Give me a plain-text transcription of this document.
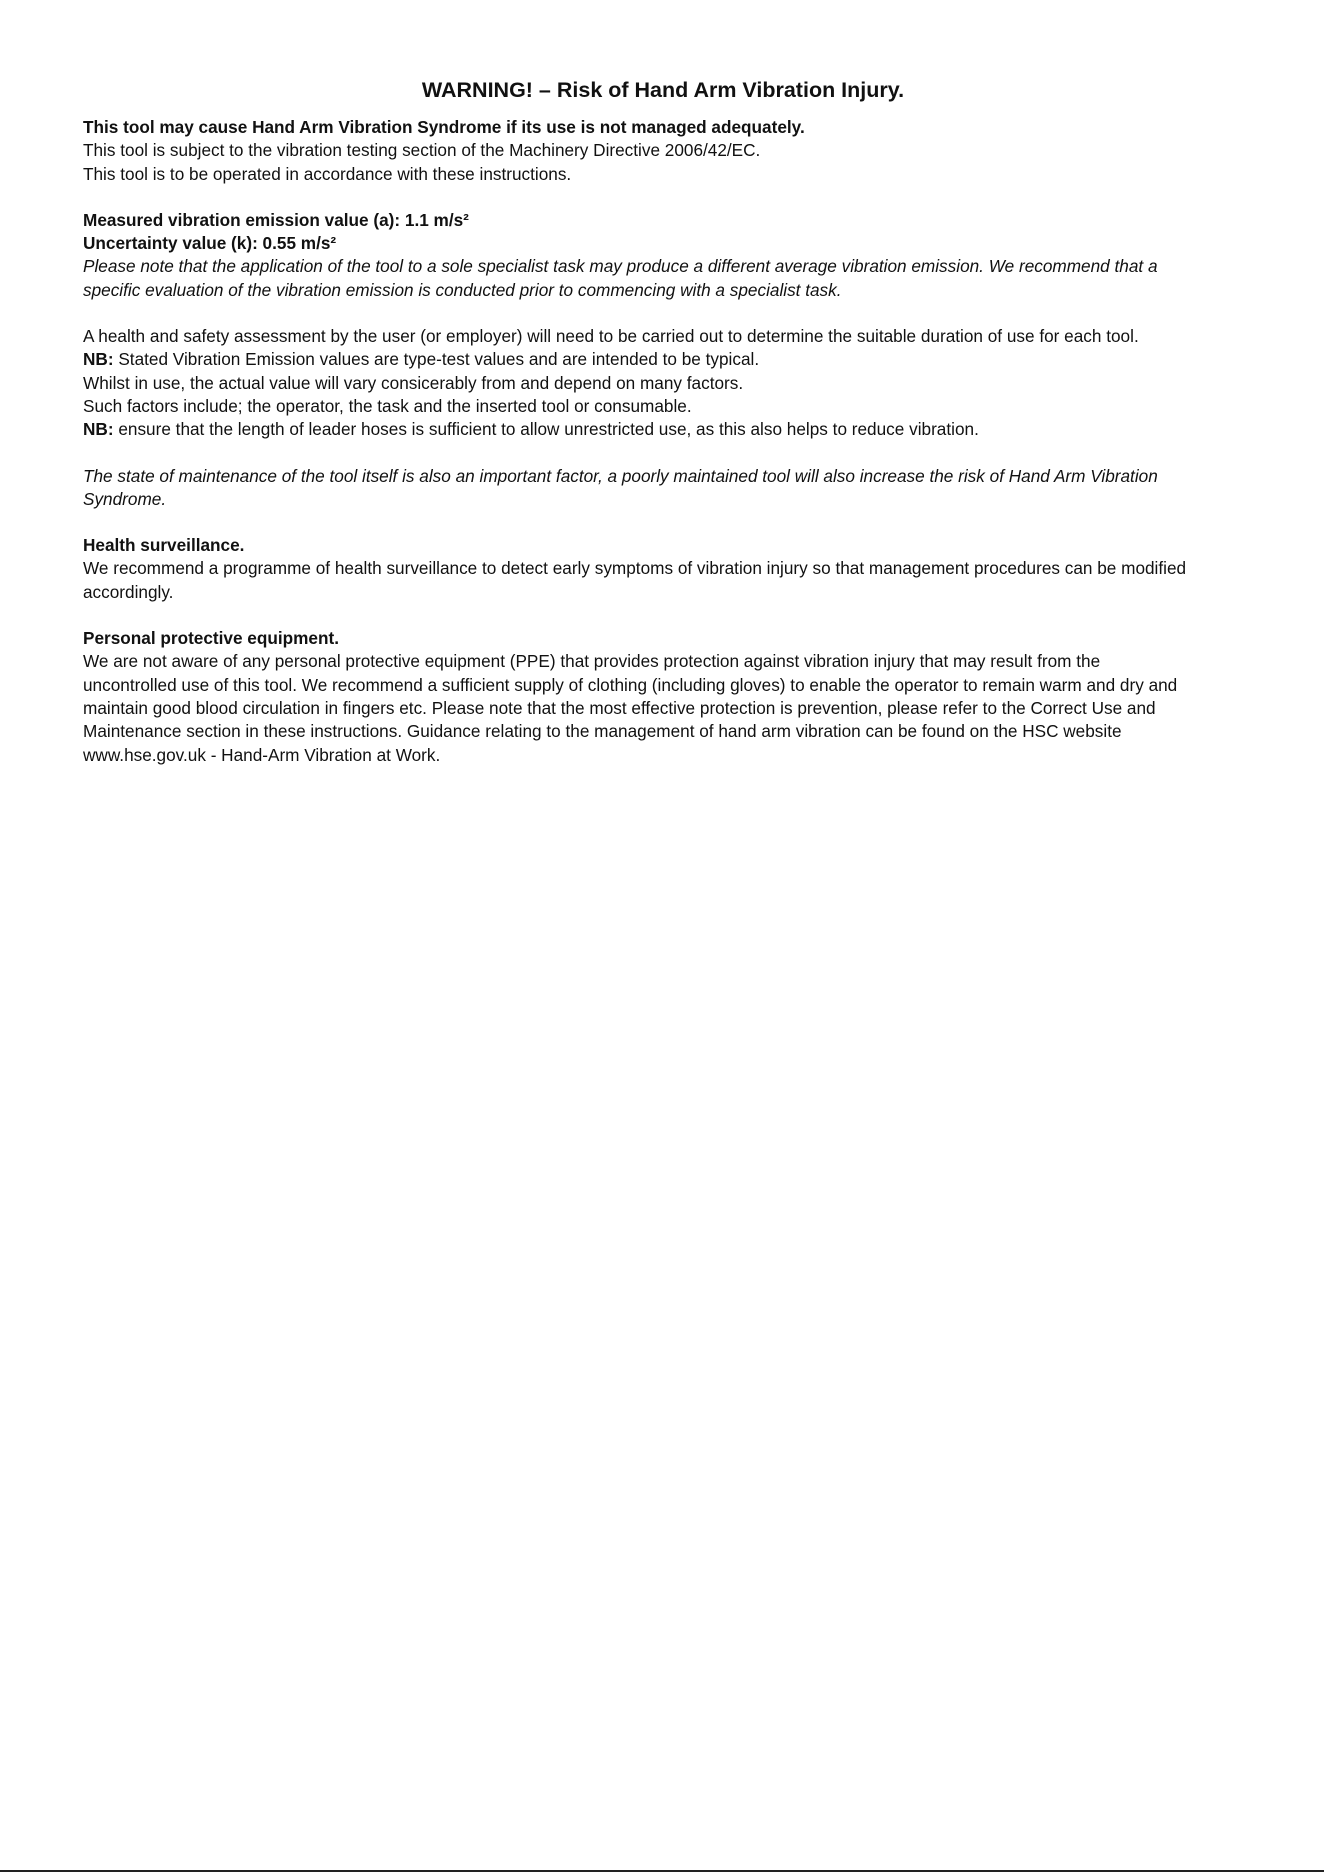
WARNING! – Risk of Hand Arm Vibration Injury.

This tool may cause Hand Arm Vibration Syndrome if its use is not managed adequately.

This tool is subject to the vibration testing section of the Machinery Directive 2006/42/EC.

This tool is to be operated in accordance with these instructions.

Measured vibration emission value (a): 1.1 m/s²

Uncertainty value (k): 0.55 m/s²

Please note that the application of the tool to a sole specialist task may produce a different average vibration emission. We recommend that a

specific evaluation of the vibration emission is conducted prior to commencing with a specialist task.

A health and safety assessment by the user (or employer) will need to be carried out to determine the suitable duration of use for each tool.

NB: Stated Vibration Emission values are type-test values and are intended to be typical.

Whilst in use, the actual value will vary consicerably from and depend on many factors.

Such factors include; the operator, the task and the inserted tool or consumable.

NB: ensure that the length of leader hoses is sufficient to allow unrestricted use, as this also helps to reduce vibration.

The state of maintenance of the tool itself is also an important factor, a poorly maintained tool will also increase the risk of Hand Arm Vibration

Syndrome.

Health surveillance.

We recommend a programme of health surveillance to detect early symptoms of vibration injury so that management procedures can be modified

accordingly.

Personal protective equipment.

We are not aware of any personal protective equipment (PPE) that provides protection against vibration injury that may result from the

uncontrolled use of this tool. We recommend a sufficient supply of clothing (including gloves) to enable the operator to remain warm and dry and

maintain good blood circulation in fingers etc. Please note that the most effective protection is prevention, please refer to the Correct Use and

Maintenance section in these instructions. Guidance relating to the management of hand arm vibration can be found on the HSC website

www.hse.gov.uk - Hand-Arm Vibration at Work.
